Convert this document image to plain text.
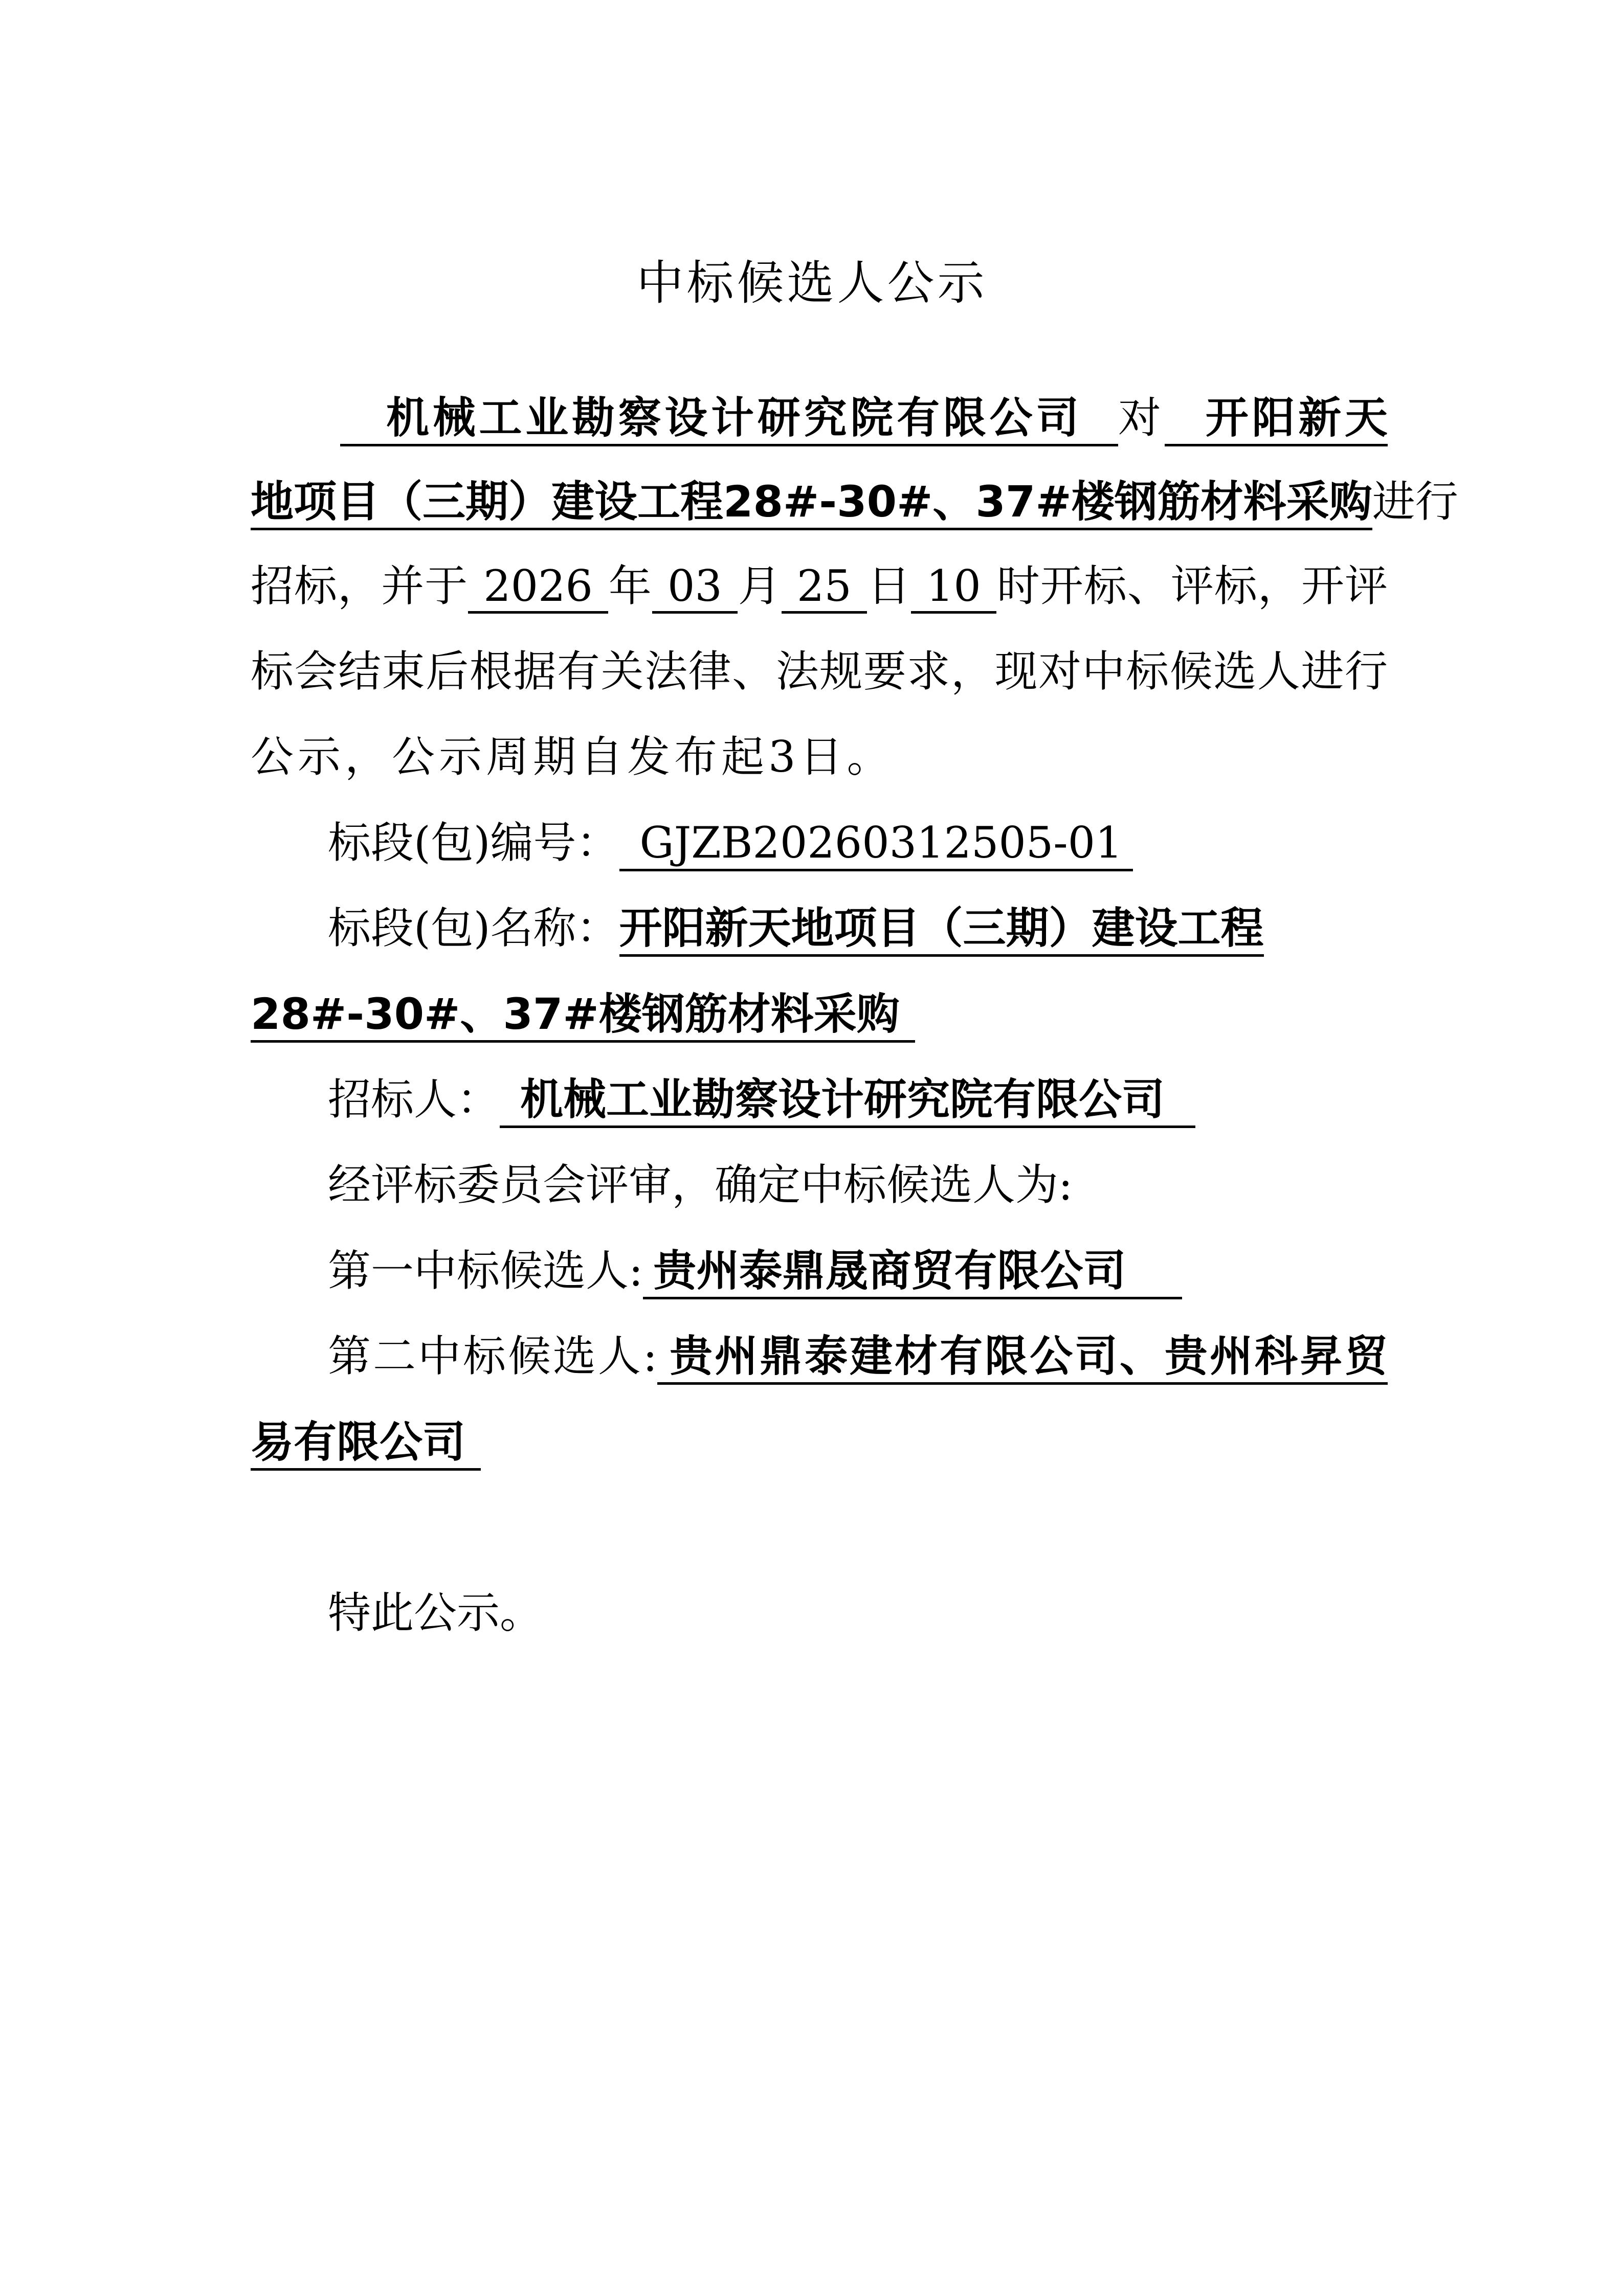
中标候选人公示
机械工业勘察设计研究院有限公司 对 开阳新天
地项目（三期）建设工程28#-30#、37#楼钢筋材料采购进行
招标，并于 2026 年 03 月 25 日 10 时开标、评标，开评
标会结束后根据有关法律、法规要求，现对中标候选人进行
公示，公示周期自发布起3日。
标段(包)编号： GJZB20260312505-01
标段(包)名称：开阳新天地项目（三期）建设工程
28#-30#、37#楼钢筋材料采购
招标人： 机械工业勘察设计研究院有限公司
经评标委员会评审，确定中标候选人为:
第一中标候选人: 贵州泰鼎晟商贸有限公司
第二中标候选人: 贵州鼎泰建材有限公司、贵州科昇贸
易有限公司
特此公示。
